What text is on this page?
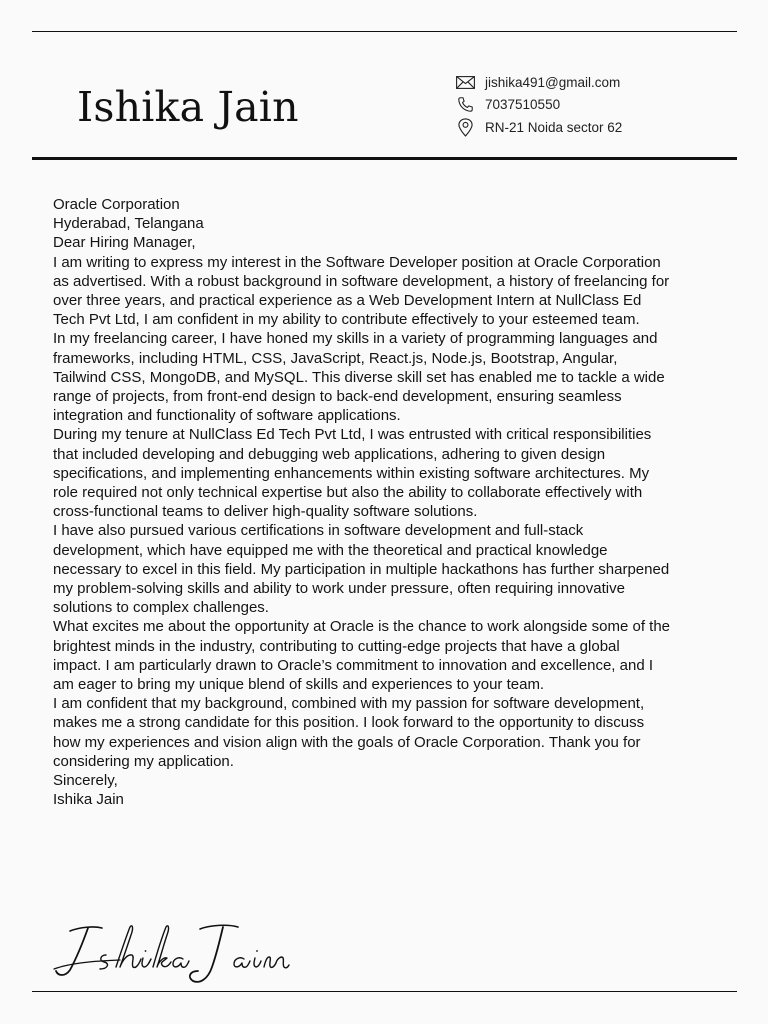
Ishika Jain
jishika491@gmail.com
7037510550
RN-21 Noida sector 62

Oracle Corporation

Hyderabad, Telangana

Dear Hiring Manager,

I am writing to express my interest in the Software Developer position at Oracle Corporation as advertised. With a robust background in software development, a history of freelancing for over three years, and practical experience as a Web Development Intern at NullClass Ed Tech Pvt Ltd, I am confident in my ability to contribute effectively to your esteemed team.

In my freelancing career, I have honed my skills in a variety of programming languages and frameworks, including HTML, CSS, JavaScript, React.js, Node.js, Bootstrap, Angular, Tailwind CSS, MongoDB, and MySQL. This diverse skill set has enabled me to tackle a wide range of projects, from front-end design to back-end development, ensuring seamless integration and functionality of software applications.

During my tenure at NullClass Ed Tech Pvt Ltd, I was entrusted with critical responsibilities that included developing and debugging web applications, adhering to given design specifications, and implementing enhancements within existing software architectures. My role required not only technical expertise but also the ability to collaborate effectively with cross-functional teams to deliver high-quality software solutions.

I have also pursued various certifications in software development and full-stack development, which have equipped me with the theoretical and practical knowledge necessary to excel in this field. My participation in multiple hackathons has further sharpened my problem-solving skills and ability to work under pressure, often requiring innovative solutions to complex challenges.

What excites me about the opportunity at Oracle is the chance to work alongside some of the brightest minds in the industry, contributing to cutting-edge projects that have a global impact. I am particularly drawn to Oracle’s commitment to innovation and excellence, and I am eager to bring my unique blend of skills and experiences to your team.

I am confident that my background, combined with my passion for software development, makes me a strong candidate for this position. I look forward to the opportunity to discuss how my experiences and vision align with the goals of Oracle Corporation. Thank you for considering my application.

Sincerely,

Ishika Jain
